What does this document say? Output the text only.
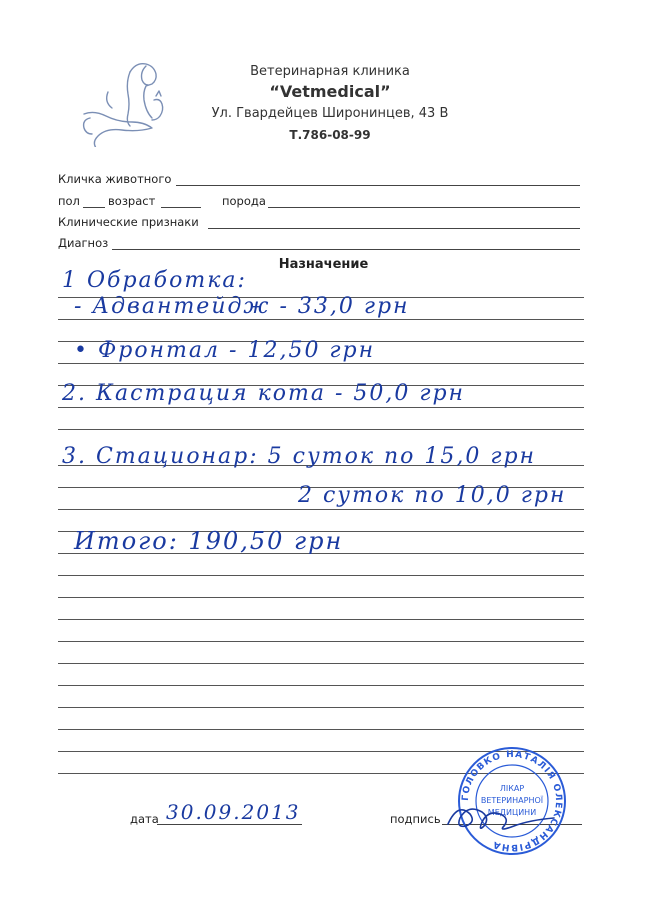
Ветеринарная клиника
“Vetmedical”
Ул. Гвардейцев Широнинцев, 43 В
Т.786-08-99
Кличка животного
пол возраст	порода
Клинические признаки
Диагноз
Назначение
1 Обработка:
- Адвантейдж - 33,0 грн
• Фронтал - 12,50 грн
2. Кастрация кота - 50,0 грн
3. Стационар: 5 суток по 15,0 грн
2 суток по 10,0 грн
Итого: 190,50 грн
дата 30.09.2013	подпись
ГОЛОВКО НАТАЛІЯ ОЛЕКСАНДРІВНА
ЛІКАР
ВЕТЕРИНАРНОЇ
МЕДИЦИНИ
